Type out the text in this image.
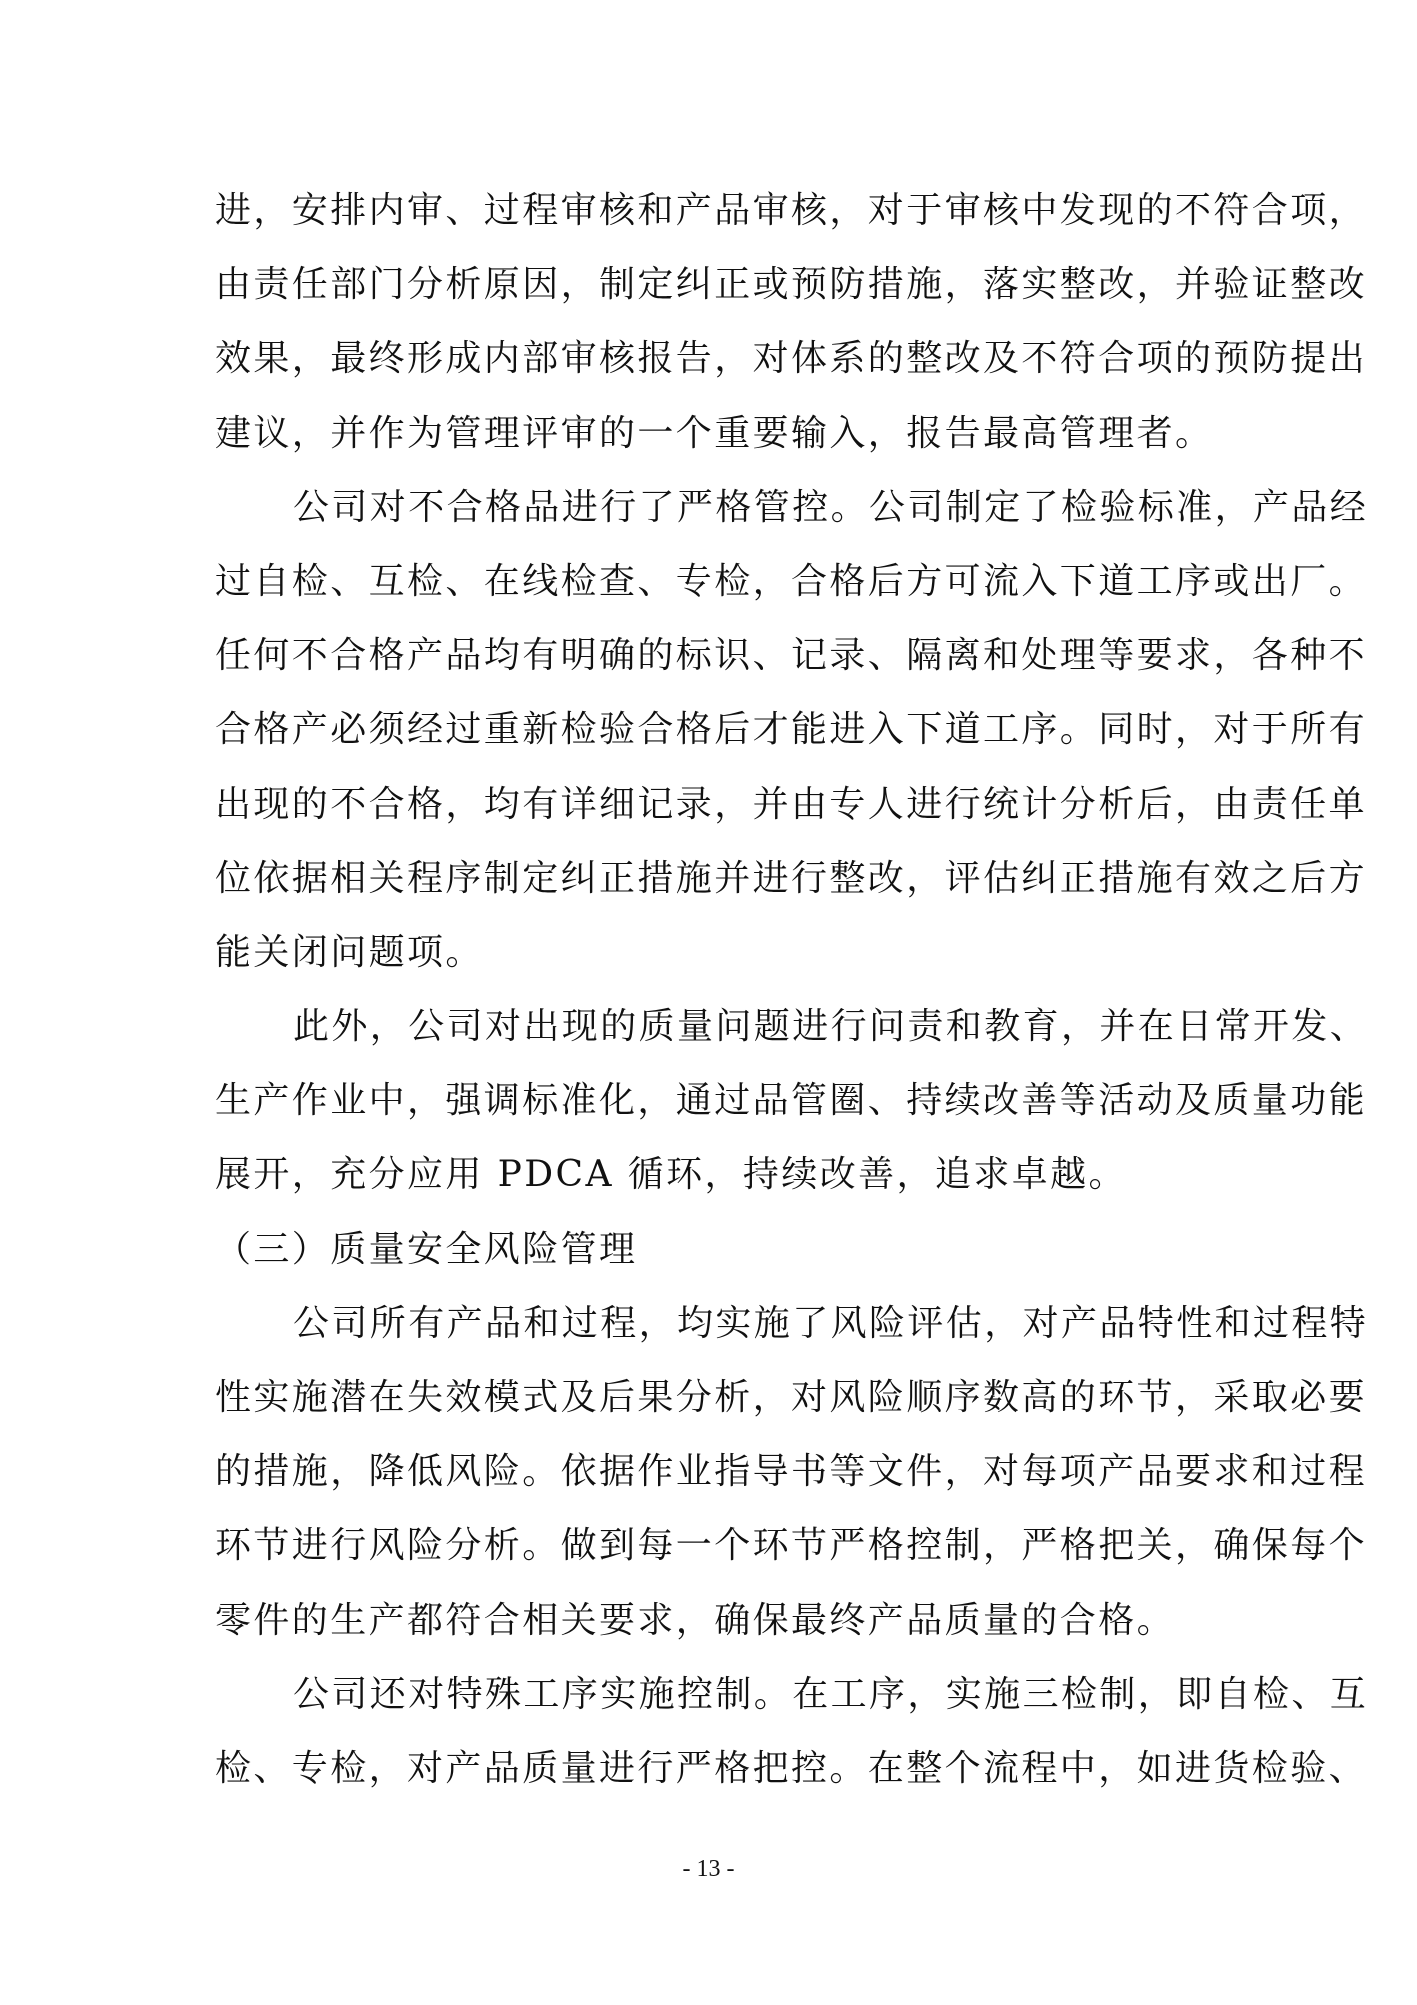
进，安排内审、过程审核和产品审核，对于审核中发现的不符合项，
由责任部门分析原因，制定纠正或预防措施，落实整改，并验证整改
效果，最终形成内部审核报告，对体系的整改及不符合项的预防提出
建议，并作为管理评审的一个重要输入，报告最高管理者。
公司对不合格品进行了严格管控。公司制定了检验标准，产品经
过自检、互检、在线检查、专检，合格后方可流入下道工序或出厂。
任何不合格产品均有明确的标识、记录、隔离和处理等要求，各种不
合格产必须经过重新检验合格后才能进入下道工序。同时，对于所有
出现的不合格，均有详细记录，并由专人进行统计分析后，由责任单
位依据相关程序制定纠正措施并进行整改，评估纠正措施有效之后方
能关闭问题项。
此外，公司对出现的质量问题进行问责和教育，并在日常开发、
生产作业中，强调标准化，通过品管圈、持续改善等活动及质量功能
展开，充分应用 PDCA 循环，持续改善，追求卓越。
（三）质量安全风险管理
公司所有产品和过程，均实施了风险评估，对产品特性和过程特
性实施潜在失效模式及后果分析，对风险顺序数高的环节，采取必要
的措施，降低风险。依据作业指导书等文件，对每项产品要求和过程
环节进行风险分析。做到每一个环节严格控制，严格把关，确保每个
零件的生产都符合相关要求，确保最终产品质量的合格。
公司还对特殊工序实施控制。在工序，实施三检制，即自检、互
检、专检，对产品质量进行严格把控。在整个流程中，如进货检验、
- 13 -
